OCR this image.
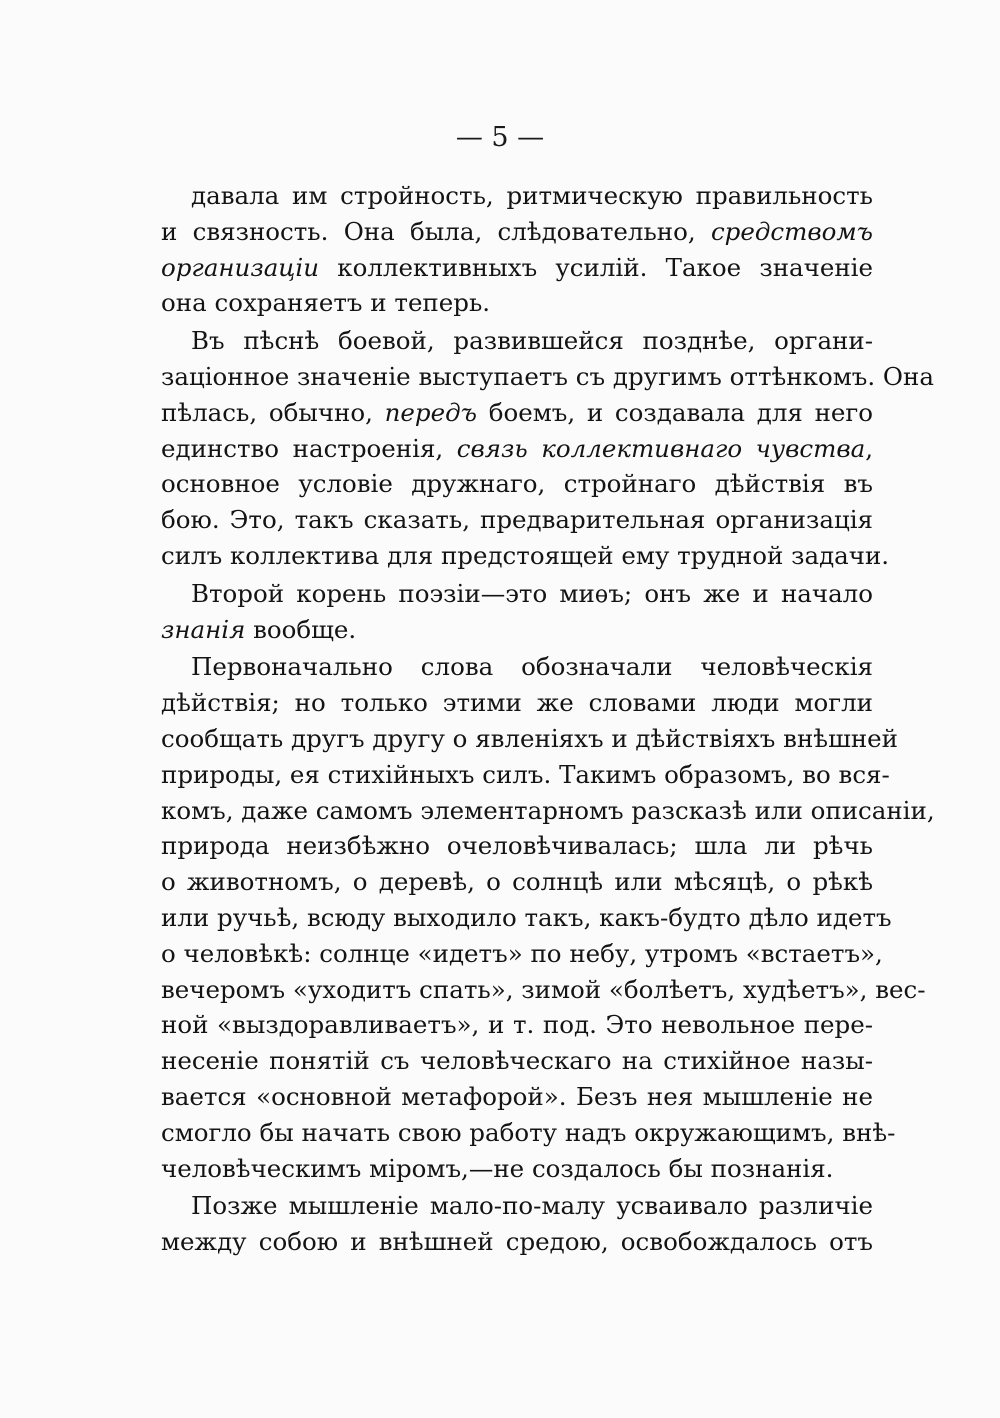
— 5 —
давала им стройность, ритмическую правильность
и связность. Она была, слѣдовательно, средствомъ
организацiи коллективныхъ усилiй. Такое значенiе
она сохраняетъ и теперь.
Въ пѣснѣ боевой, развившейся позднѣе, органи-
зацiонное значенiе выступаетъ съ другимъ оттѣнкомъ. Она
пѣлась, обычно, передъ боемъ, и создавала для него
единство настроенiя, связь коллективнаго чувства,
основное условiе дружнаго, стройнаго дѣйствiя въ
бою. Это, такъ сказать, предварительная организацiя
силъ коллектива для предстоящей ему трудной задачи.
Второй корень поэзiи—это миѳъ; онъ же и начало
знанiя вообще.
Первоначально слова обозначали человѣческiя
дѣйствiя; но только этими же словами люди могли
сообщать другъ другу о явленiяхъ и дѣйствiяхъ внѣшней
природы, ея стихiйныхъ силъ. Такимъ образомъ, во вся-
комъ, даже самомъ элементарномъ разсказѣ или описанiи,
природа неизбѣжно очеловѣчивалась; шла ли рѣчь
о животномъ, о деревѣ, о солнцѣ или мѣсяцѣ, о рѣкѣ
или ручьѣ, всюду выходило такъ, какъ-будто дѣло идетъ
о человѣкѣ: солнце «идетъ» по небу, утромъ «встаетъ»,
вечеромъ «уходитъ спать», зимой «болѣетъ, худѣетъ», вес-
ной «выздоравливаетъ», и т. под. Это невольное пере-
несенiе понятiй съ человѣческаго на стихiйное назы-
вается «основной метафорой». Безъ нея мышленiе не
смогло бы начать свою работу надъ окружающимъ, внѣ-
человѣческимъ мiромъ,—не создалось бы познанiя.
Позже мышленiе мало-по-малу усваивало различiе
между собою и внѣшней средою, освобождалось отъ
